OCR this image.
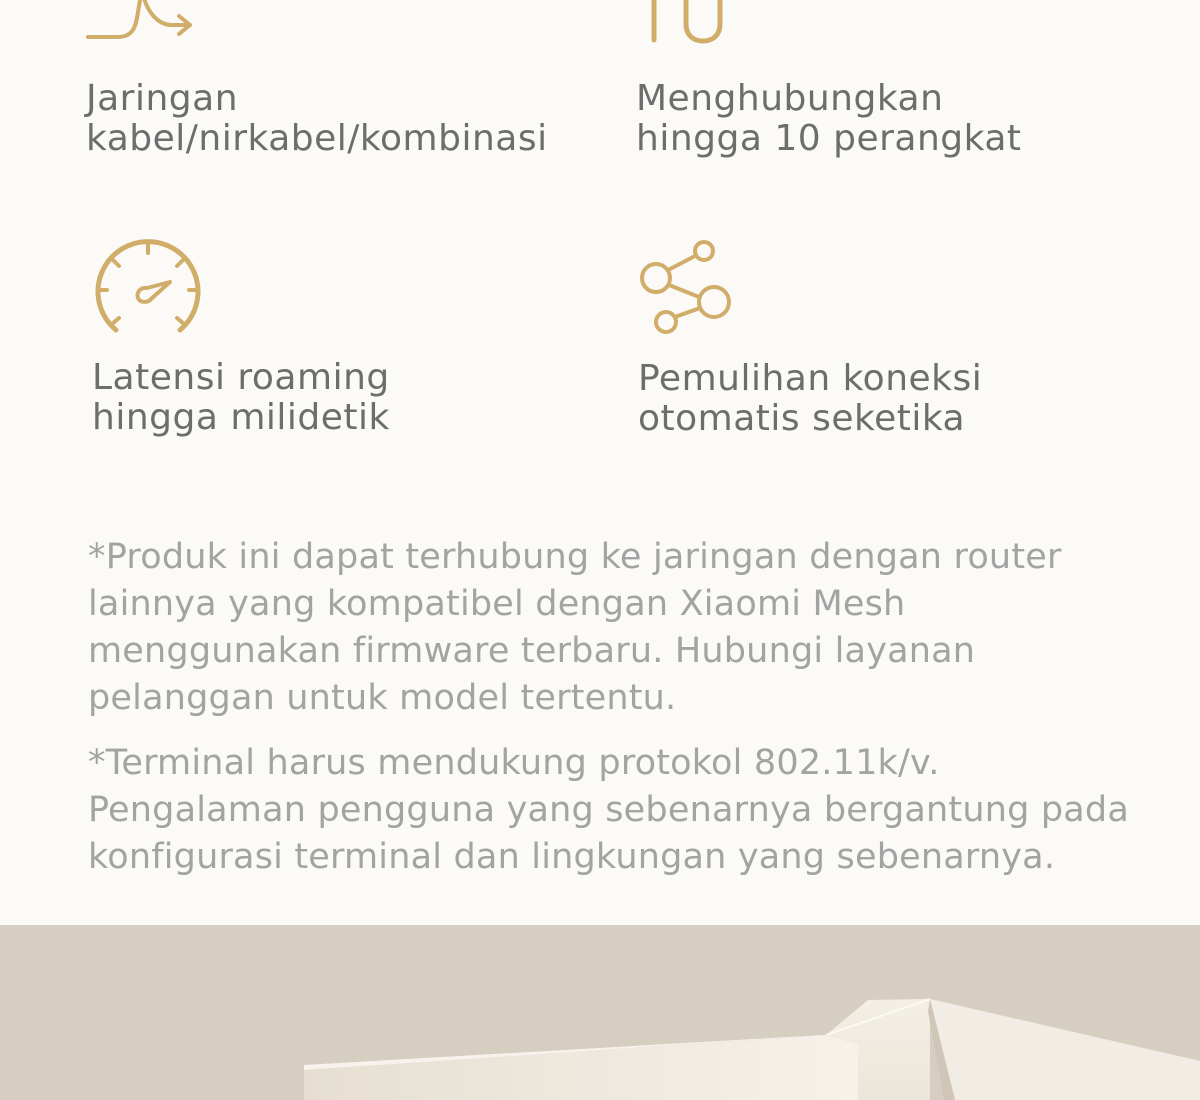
Jaringan
kabel/nirkabel/kombinasi

Menghubungkan
hingga 10 perangkat

Latensi roaming
hingga milidetik

Pemulihan koneksi
otomatis seketika

*Produk ini dapat terhubung ke jaringan dengan router lainnya yang kompatibel dengan Xiaomi Mesh menggunakan firmware terbaru. Hubungi layanan pelanggan untuk model tertentu.

*Terminal harus mendukung protokol 802.11k/v. Pengalaman pengguna yang sebenarnya bergantung pada konfigurasi terminal dan lingkungan yang sebenarnya.
